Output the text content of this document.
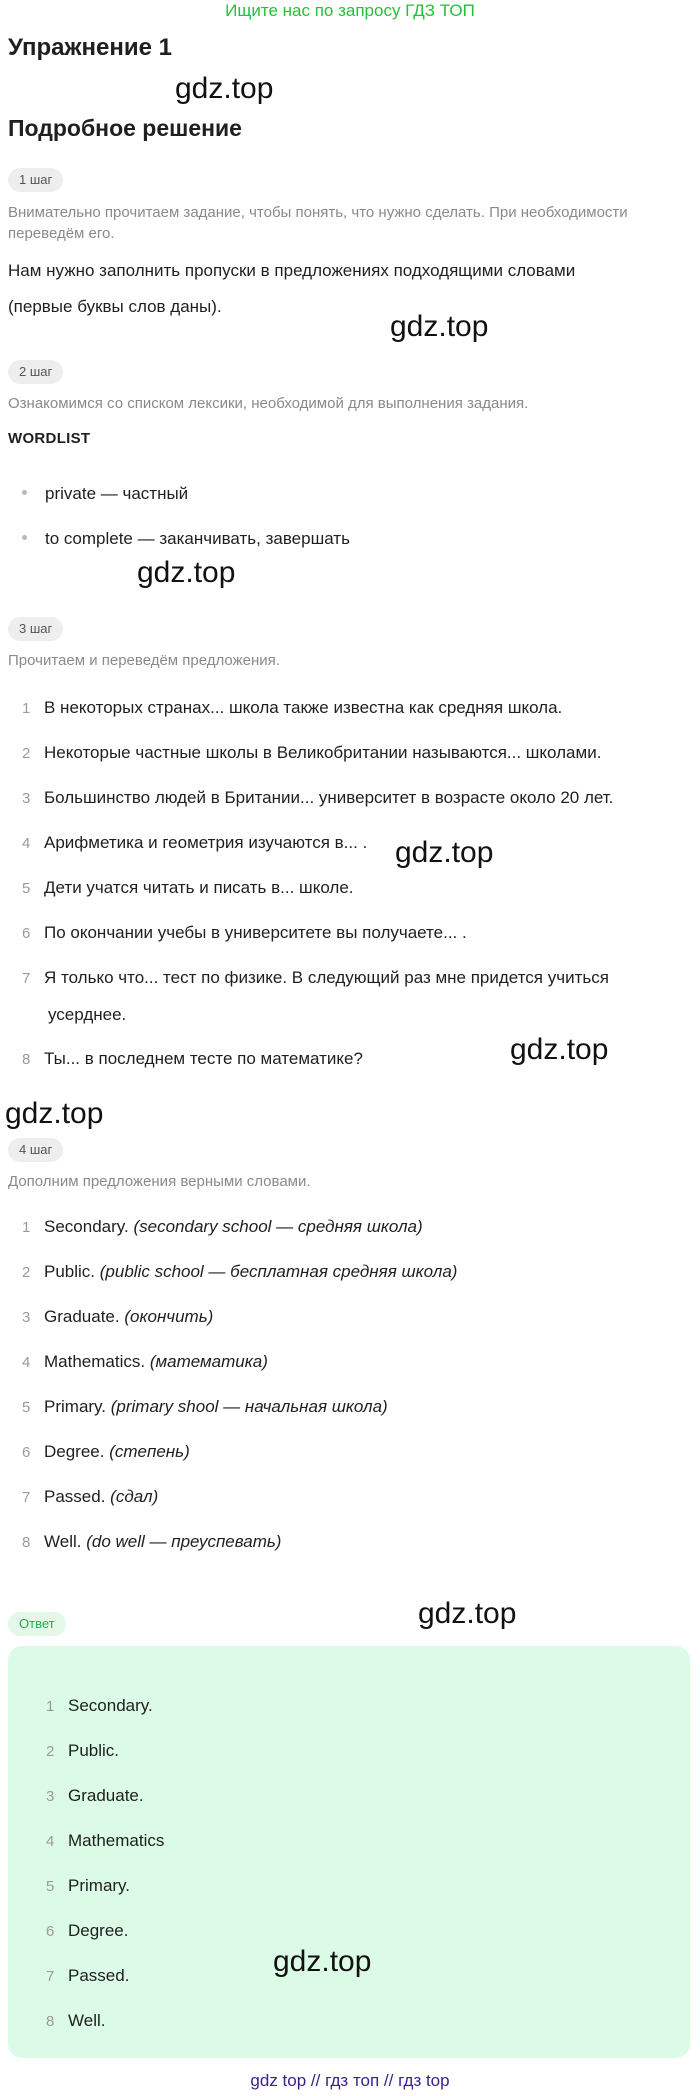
Ищите нас по запросу ГДЗ ТОП
Упражнение 1
gdz.top
Подробное решение
1 шаг
Внимательно прочитаем задание, чтобы понять, что нужно сделать. При необходимости переведём его.
Нам нужно заполнить пропуски в предложениях подходящими словами
(первые буквы слов даны).
gdz.top
2 шаг
Ознакомимся со списком лексики, необходимой для выполнения задания.
WORDLIST
private — частный
to complete — заканчивать, завершать
gdz.top
3 шаг
Прочитаем и переведём предложения.
1 В некоторых странах... школа также известна как средняя школа.
2 Некоторые частные школы в Великобритании называются... школами.
3 Большинство людей в Британии... университет в возрасте около 20 лет.
4 Арифметика и геометрия изучаются в... . gdz.top
5 Дети учатся читать и писать в... школе.
6 По окончании учебы в университете вы получаете... .
7 Я только что... тест по физике. В следующий раз мне придется учиться
усерднее.
8 Ты... в последнем тесте по математике?	gdz.top
gdz.top
4 шаг
Дополним предложения верными словами.
1 Secondary. (secondary school — средняя школа)
2 Public. (public school — бесплатная средняя школа)
3 Graduate. (окончить)
4 Mathematics. (математика)
5 Primary. (primary shool — начальная школа)
6 Degree. (степень)
7 Passed. (сдал)
8 Well. (do well — преуспевать)
Ответ	gdz.top
1 Secondary.
2 Public.
3 Graduate.
4 Mathematics
5 Primary.
6 Degree.
7 Passed.	gdz.top
8 Well.
gdz top // гдз топ // гдз top
